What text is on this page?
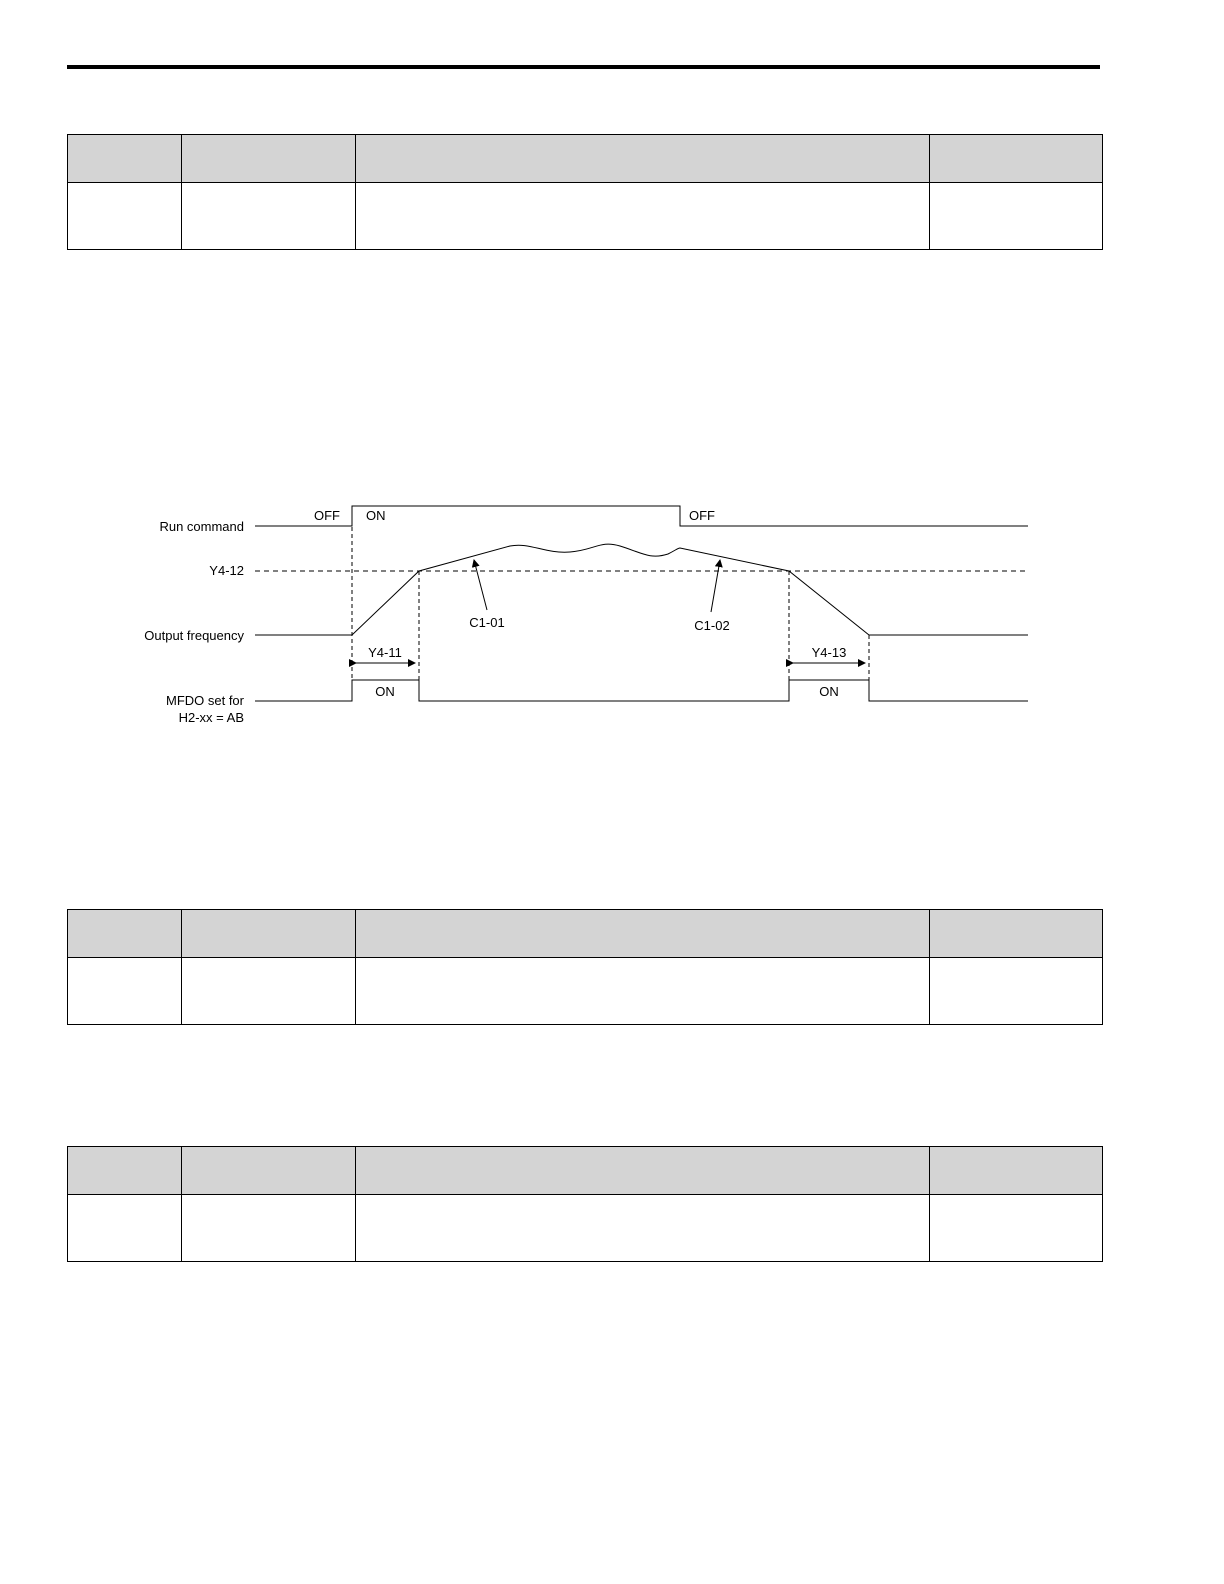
Run command
Y4-12
Output frequency
MFDO set for
H2-xx = AB
OFF ON	OFF
Y4-11	Y4-13
C1-01	C1-02
ON	ON
